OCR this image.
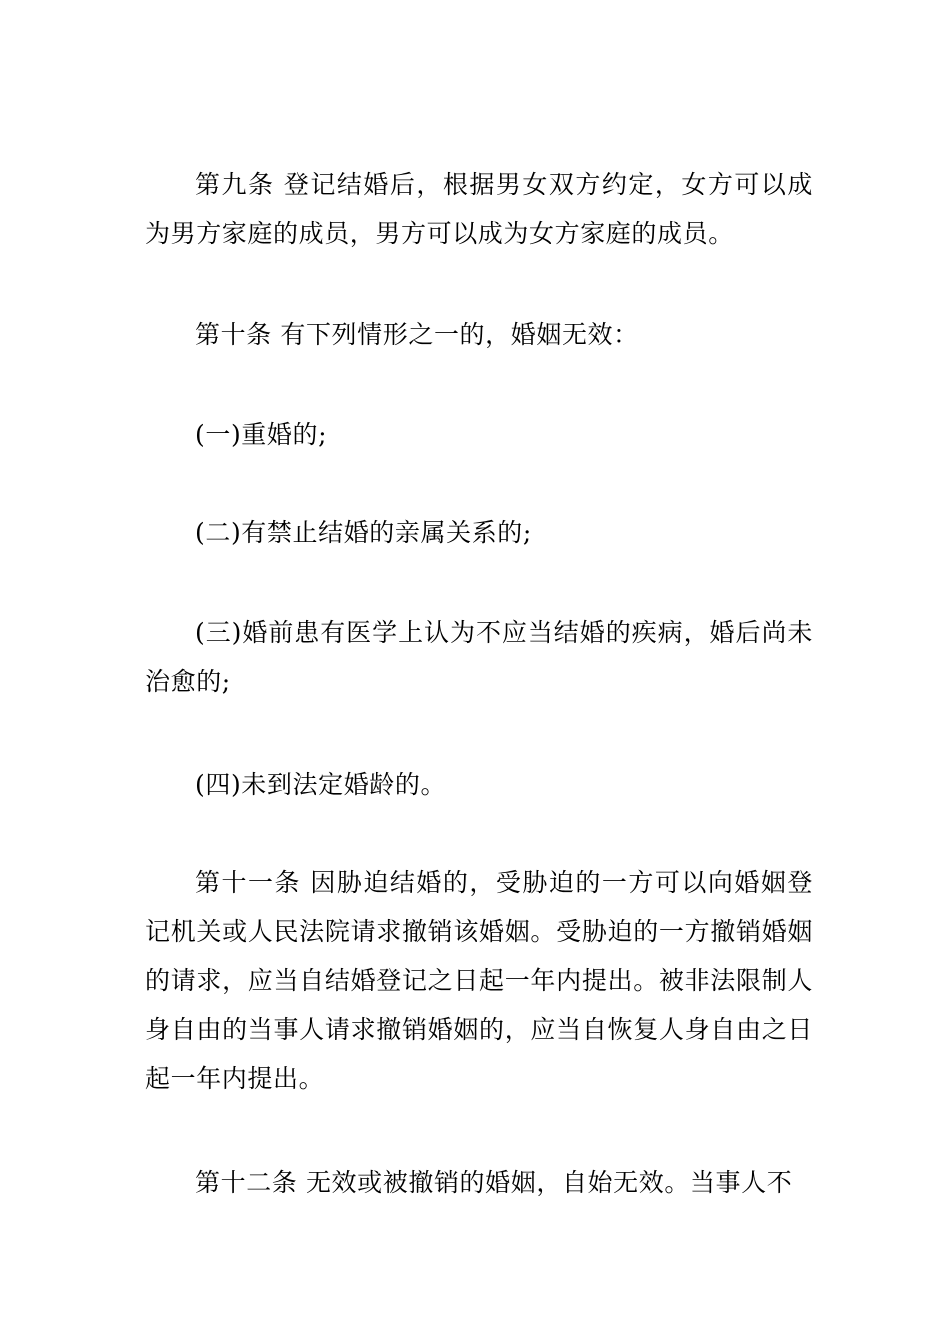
第九条 登记结婚后，根据男女双方约定，女方可以成为男方家庭的成员，男方可以成为女方家庭的成员。

第十条 有下列情形之一的，婚姻无效：

(一)重婚的;

(二)有禁止结婚的亲属关系的;

(三)婚前患有医学上认为不应当结婚的疾病，婚后尚未治愈的;

(四)未到法定婚龄的。

第十一条 因胁迫结婚的，受胁迫的一方可以向婚姻登记机关或人民法院请求撤销该婚姻。受胁迫的一方撤销婚姻的请求，应当自结婚登记之日起一年内提出。被非法限制人身自由的当事人请求撤销婚姻的，应当自恢复人身自由之日起一年内提出。

第十二条 无效或被撤销的婚姻，自始无效。当事人不
